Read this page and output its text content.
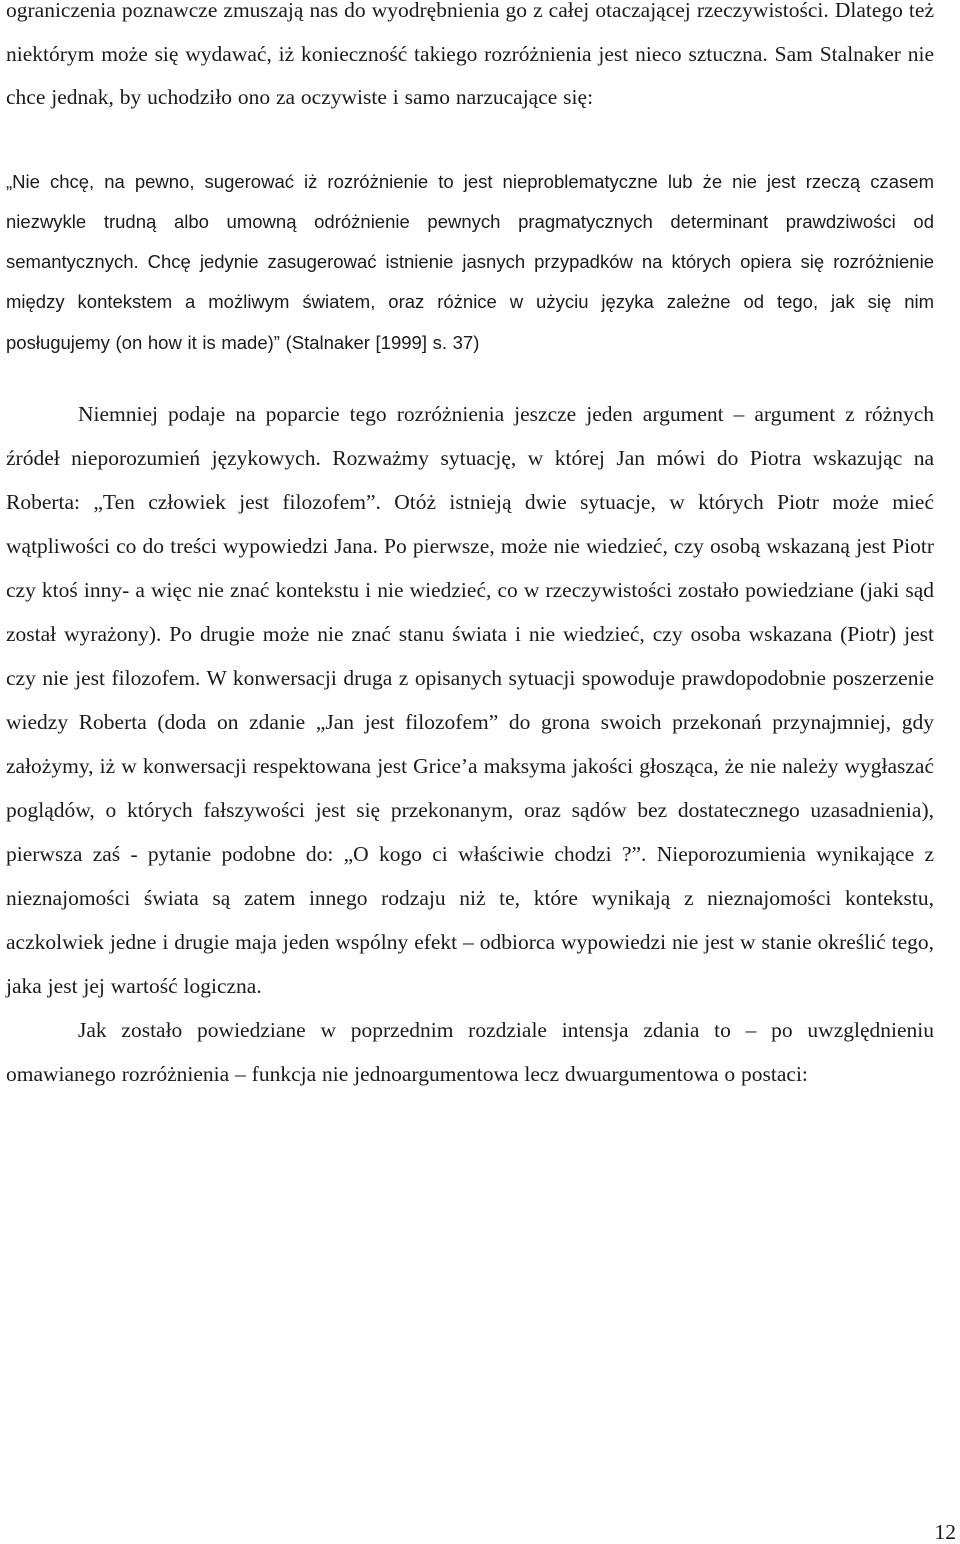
ograniczenia poznawcze zmuszają nas do wyodrębnienia go z całej otaczającej rzeczywistości. Dlatego też niektórym może się wydawać, iż konieczność takiego rozróżnienia jest nieco sztuczna. Sam Stalnaker nie chce jednak, by uchodziło ono za oczywiste i samo narzucające się:

„Nie chcę, na pewno, sugerować iż rozróżnienie to jest nieproblematyczne lub że nie jest rzeczą czasem niezwykle trudną albo umowną odróżnienie pewnych pragmatycznych determinant prawdziwości od semantycznych. Chcę jedynie zasugerować istnienie jasnych przypadków na których opiera się rozróżnienie między kontekstem a możliwym światem, oraz różnice w użyciu języka zależne od tego, jak się nim posługujemy (on how it is made)” (Stalnaker [1999] s. 37)

Niemniej podaje na poparcie tego rozróżnienia jeszcze jeden argument – argument z różnych źródeł nieporozumień językowych. Rozważmy sytuację, w której Jan mówi do Piotra wskazując na Roberta: „Ten człowiek jest filozofem”. Otóż istnieją dwie sytuacje, w których Piotr może mieć wątpliwości co do treści wypowiedzi Jana. Po pierwsze, może nie wiedzieć, czy osobą wskazaną jest Piotr czy ktoś inny- a więc nie znać kontekstu i nie wiedzieć, co w rzeczywistości zostało powiedziane (jaki sąd został wyrażony). Po drugie może nie znać stanu świata i nie wiedzieć, czy osoba wskazana (Piotr) jest czy nie jest filozofem. W konwersacji druga z opisanych sytuacji spowoduje prawdopodobnie poszerzenie wiedzy Roberta (doda on zdanie „Jan jest filozofem” do grona swoich przekonań przynajmniej, gdy założymy, iż w konwersacji respektowana jest Grice’a maksyma jakości głosząca, że nie należy wygłaszać poglądów, o których fałszywości jest się przekonanym, oraz sądów bez dostatecznego uzasadnienia), pierwsza zaś - pytanie podobne do: „O kogo ci właściwie chodzi ?”. Nieporozumienia wynikające z nieznajomości świata są zatem innego rodzaju niż te, które wynikają z nieznajomości kontekstu, aczkolwiek jedne i drugie maja jeden wspólny efekt – odbiorca wypowiedzi nie jest w stanie określić tego, jaka jest jej wartość logiczna.

Jak zostało powiedziane w poprzednim rozdziale intensja zdania to – po uwzględnieniu omawianego rozróżnienia – funkcja nie jednoargumentowa lecz dwuargumentowa o postaci:

12
